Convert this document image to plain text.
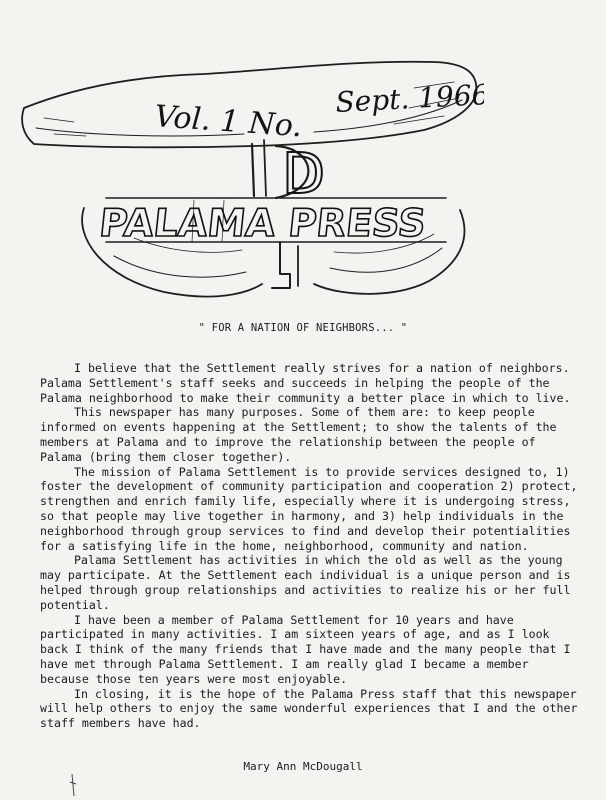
Vol. 1 No.
Sept. 1966
D
PALAMA PRESS
" FOR A NATION OF NEIGHBORS... "

I believe that the Settlement really strives for a nation of neighbors. Palama Settlement's staff seeks and succeeds in helping the people of the Palama neighborhood to make their community a better place in which to live.

This newspaper has many purposes. Some of them are: to keep people informed on events happening at the Settlement; to show the talents of the members at Palama and to improve the relationship between the people of Palama (bring them closer together).

The mission of Palama Settlement is to provide services designed to, 1) foster the development of community participation and cooperation 2) protect, strengthen and enrich family life, especially where it is undergoing stress, so that people may live together in harmony, and 3) help individuals in the neighborhood through group services to find and develop their potentialities for a satisfying life in the home, neighborhood, community and nation.

Palama Settlement has activities in which the old as well as the young may participate. At the Settlement each individual is a unique person and is helped through group relationships and activities to realize his or her full potential.

I have been a member of Palama Settlement for 10 years and have participated in many activities. I am sixteen years of age, and as I look back I think of the many friends that I have made and the many people that I have met through Palama Settlement. I am really glad I became a member because those ten years were most enjoyable.

In closing, it is the hope of the Palama Press staff that this newspaper will help others to enjoy the same wonderful experiences that I and the other staff members have had.

Mary Ann McDougall
